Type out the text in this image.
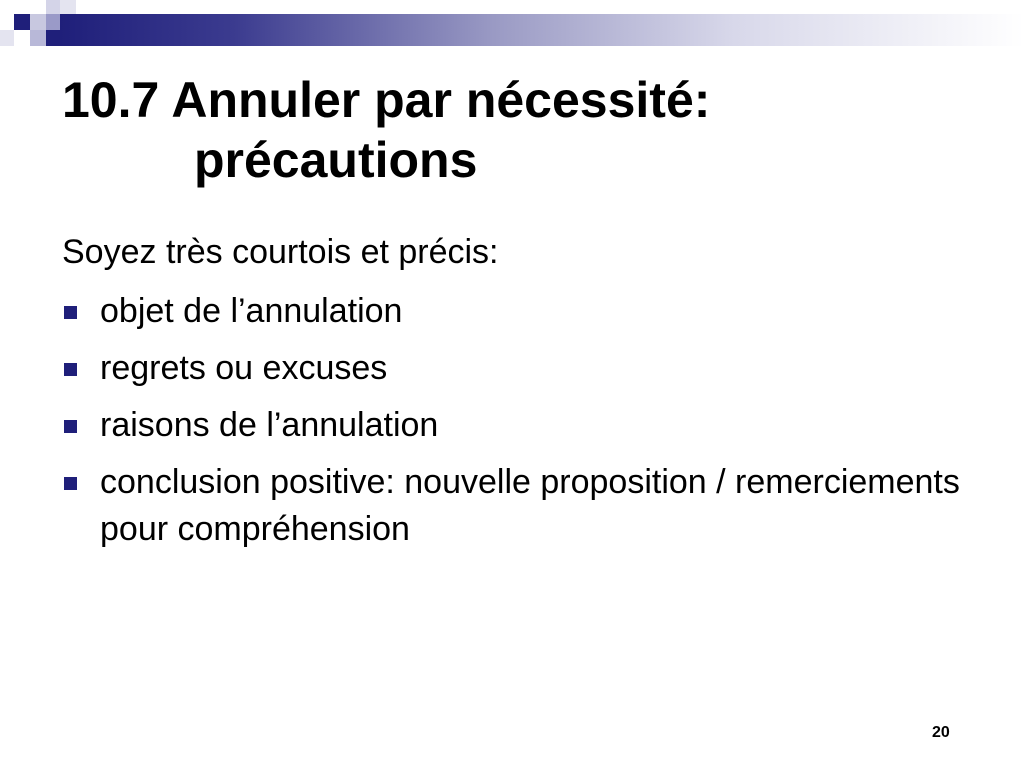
10.7 Annuler par nécessité:
précautions
Soyez très courtois et précis:
objet de l’annulation
regrets ou excuses
raisons de l’annulation
conclusion positive: nouvelle proposition / remerciements pour compréhension
20
